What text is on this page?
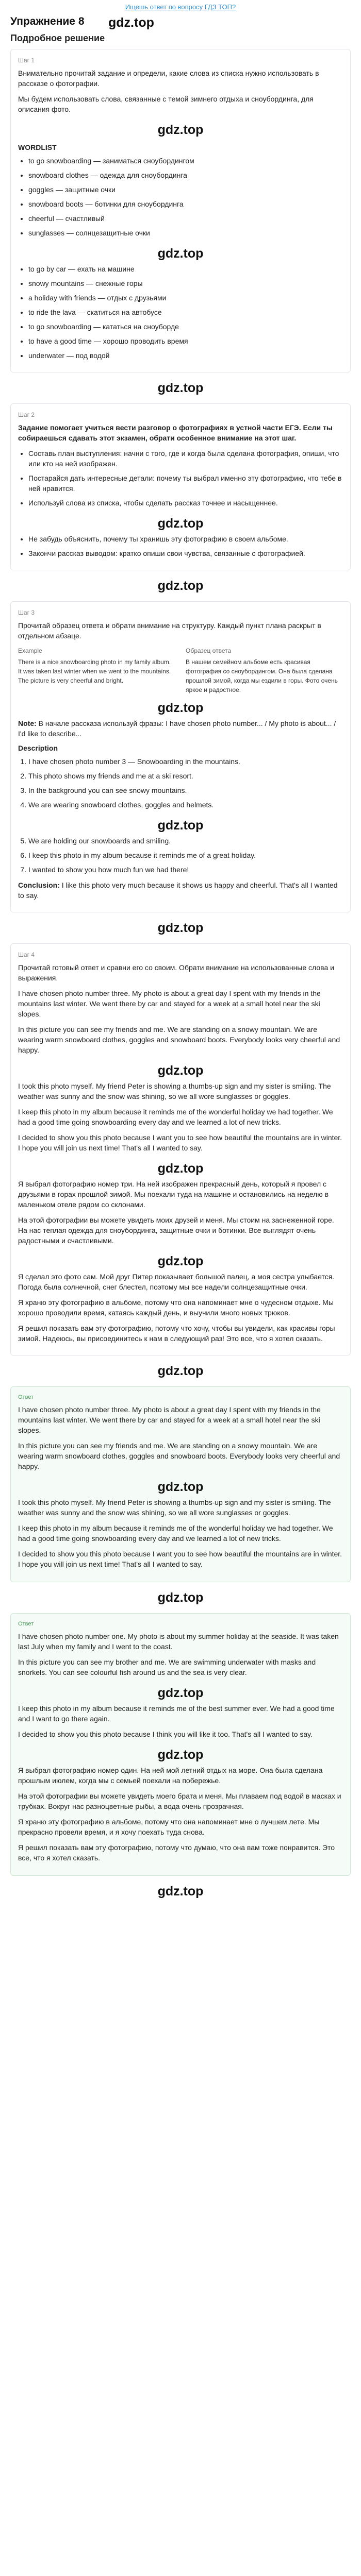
Ищешь ответ по вопросу ГДЗ ТОП?
Упражнение 8	gdz.top
Подробное решение
Шаг 1
Внимательно прочитай задание и определи, какие слова из списка нужно использовать в рассказе о фотографии.
Мы будем использовать слова, связанные с темой зимнего отдыха и сноубординга, для описания фото.
gdz.top
WORDLIST
• to go snowboarding — заниматься сноубордингом
• snowboard clothes — одежда для сноубординга
• goggles — защитные очки
• snowboard boots — ботинки для сноубординга
• cheerful — счастливый
• sunglasses — солнцезащитные очки
gdz.top
• to go by car — ехать на машине
• snowy mountains — снежные горы
• a holiday with friends — отдых с друзьями
• to ride the lava — скатиться на автобусе
• to go snowboarding — кататься на сноуборде
• to have a good time — хорошо проводить время
• underwater — под водой
gdz.top
Шаг 2
Задание помогает учиться вести разговор о фотографиях в устной части ЕГЭ. Если ты собираешься сдавать этот экзамен, обрати особенное внимание на этот шаг.
• Составь план выступления: начни с того, где и когда была сделана фотография, опиши, что или кто на ней изображен.
• Постарайся дать интересные детали: почему ты выбрал именно эту фотографию, что тебе в ней нравится.
• Используй слова из списка, чтобы сделать рассказ точнее и насыщеннее.
gdz.top
• Не забудь объяснить, почему ты хранишь эту фотографию в своем альбоме.
• Закончи рассказ выводом: кратко опиши свои чувства, связанные с фотографией.
gdz.top
Шаг 3
Прочитай образец ответа и обрати внимание на структуру. Каждый пункт плана раскрыт в отдельном абзаце.
Example
There is a nice snowboarding photo in my family album. It was taken last winter when we went to the mountains. The picture is very cheerful and bright.
Образец ответа
В нашем семейном альбоме есть красивая фотография со сноубордингом. Она была сделана прошлой зимой, когда мы ездили в горы. Фото очень яркое и радостное.
gdz.top
Note: В начале рассказа используй фразы: I have chosen photo number... / My photo is about... / I'd like to describe...
Description
1. I have chosen photo number 3 — Snowboarding in the mountains.
2. This photo shows my friends and me at a ski resort.
3. In the background you can see snowy mountains.
4. We are wearing snowboard clothes, goggles and helmets.
gdz.top
5. We are holding our snowboards and smiling.
6. I keep this photo in my album because it reminds me of a great holiday.
7. I wanted to show you how much fun we had there!
Conclusion: I like this photo very much because it shows us happy and cheerful. That's all I wanted to say.
gdz.top
Шаг 4
Прочитай готовый ответ и сравни его со своим. Обрати внимание на использованные слова и выражения.

I have chosen photo number three. My photo is about a great day I spent with my friends in the mountains last winter. We went there by car and stayed for a week at a small hotel near the ski slopes.

In this picture you can see my friends and me. We are standing on a snowy mountain. We are wearing warm snowboard clothes, goggles and snowboard boots. Everybody looks very cheerful and happy.

gdz.top

I took this photo myself. My friend Peter is showing a thumbs-up sign and my sister is smiling. The weather was sunny and the snow was shining, so we all wore sunglasses or goggles.

I keep this photo in my album because it reminds me of the wonderful holiday we had together. We had a good time going snowboarding every day and we learned a lot of new tricks.

I decided to show you this photo because I want you to see how beautiful the mountains are in winter. I hope you will join us next time! That's all I wanted to say.

gdz.top

Я выбрал фотографию номер три. На ней изображен прекрасный день, который я провел с друзьями в горах прошлой зимой. Мы поехали туда на машине и остановились на неделю в маленьком отеле рядом со склонами.

На этой фотографии вы можете увидеть моих друзей и меня. Мы стоим на заснеженной горе. На нас теплая одежда для сноубординга, защитные очки и ботинки. Все выглядят очень радостными и счастливыми.

gdz.top

Я сделал это фото сам. Мой друг Питер показывает большой палец, а моя сестра улыбается. Погода была солнечной, снег блестел, поэтому мы все надели солнцезащитные очки.

Я храню эту фотографию в альбоме, потому что она напоминает мне о чудесном отдыхе. Мы хорошо проводили время, катаясь каждый день, и выучили много новых трюков.

Я решил показать вам эту фотографию, потому что хочу, чтобы вы увидели, как красивы горы зимой. Надеюсь, вы присоединитесь к нам в следующий раз! Это все, что я хотел сказать.

gdz.top
Ответ

I have chosen photo number three. My photo is about a great day I spent with my friends in the mountains last winter. We went there by car and stayed for a week at a small hotel near the ski slopes.

In this picture you can see my friends and me. We are standing on a snowy mountain. We are wearing warm snowboard clothes, goggles and snowboard boots. Everybody looks very cheerful and happy.

gdz.top

I took this photo myself. My friend Peter is showing a thumbs-up sign and my sister is smiling. The weather was sunny and the snow was shining, so we all wore sunglasses or goggles.

I keep this photo in my album because it reminds me of the wonderful holiday we had together. We had a good time going snowboarding every day and we learned a lot of new tricks.

I decided to show you this photo because I want you to see how beautiful the mountains are in winter. I hope you will join us next time! That's all I wanted to say.

gdz.top
Ответ

I have chosen photo number one. My photo is about my summer holiday at the seaside. It was taken last July when my family and I went to the coast.

In this picture you can see my brother and me. We are swimming underwater with masks and snorkels. You can see colourful fish around us and the sea is very clear.

gdz.top

I keep this photo in my album because it reminds me of the best summer ever. We had a good time and I want to go there again.

I decided to show you this photo because I think you will like it too. That's all I wanted to say.

gdz.top

Я выбрал фотографию номер один. На ней мой летний отдых на море. Она была сделана прошлым июлем, когда мы с семьей поехали на побережье.

На этой фотографии вы можете увидеть моего брата и меня. Мы плаваем под водой в масках и трубках. Вокруг нас разноцветные рыбы, а вода очень прозрачная.

Я храню эту фотографию в альбоме, потому что она напоминает мне о лучшем лете. Мы прекрасно провели время, и я хочу поехать туда снова.

Я решил показать вам эту фотографию, потому что думаю, что она вам тоже понравится. Это все, что я хотел сказать.

gdz.top
